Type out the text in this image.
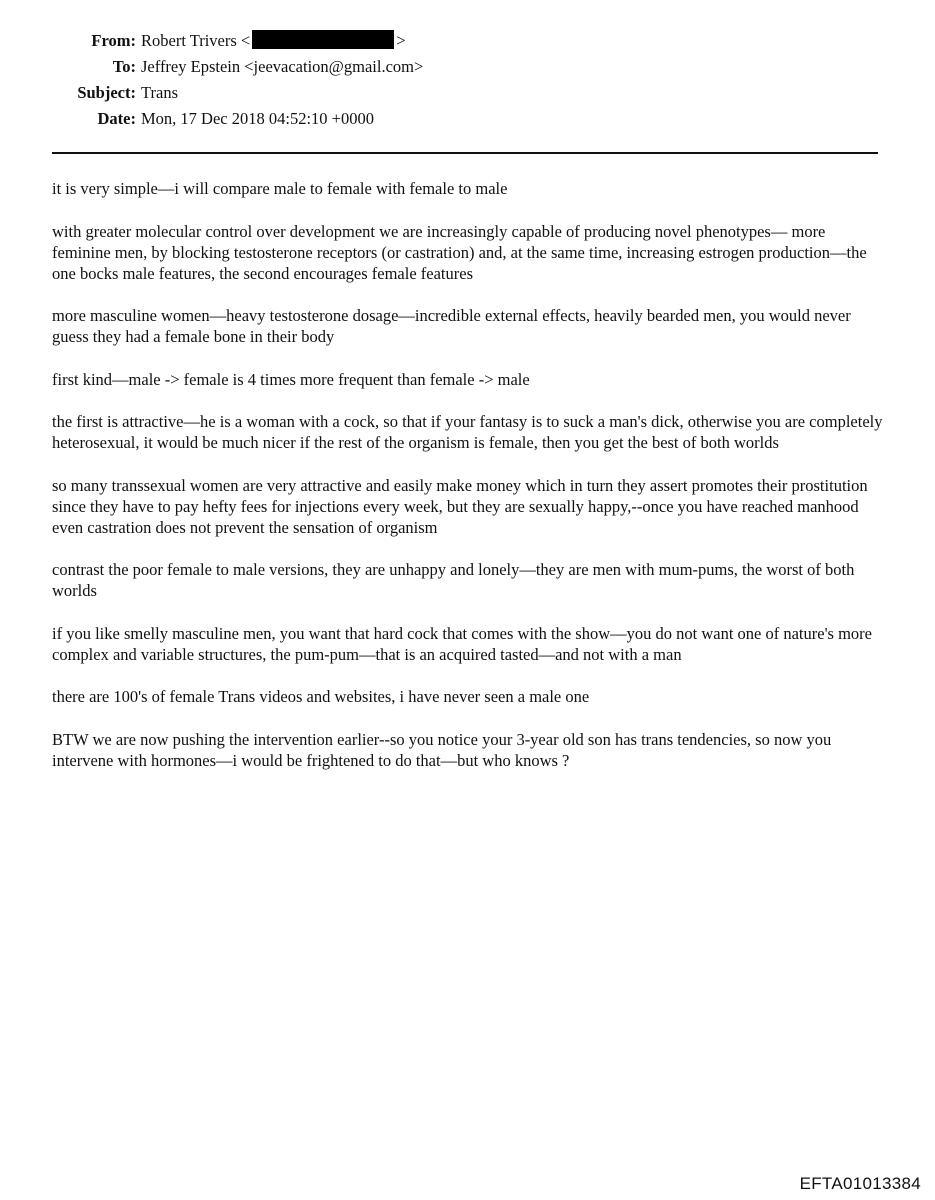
From: Robert Trivers <	>
To: Jeffrey Epstein <jeevacation@gmail.com>
Subject: Trans
Date: Mon, 17 Dec 2018 04:52:10 +0000

it is very simple—i will compare male to female with female to male

with greater molecular control over development we are increasingly capable of producing novel phenotypes— more feminine men, by blocking testosterone receptors (or castration) and, at the same time, increasing estrogen production—the one bocks male features, the second encourages female features

more masculine women—heavy testosterone dosage—incredible external effects, heavily bearded men, you would never guess they had a female bone in their body

first kind—male -> female is 4 times more frequent than female -> male

the first is attractive—he is a woman with a cock, so that if your fantasy is to suck a man's dick, otherwise you are completely heterosexual, it would be much nicer if the rest of the organism is female, then you get the best of both worlds

so many transsexual women are very attractive and easily make money which in turn they assert promotes their prostitution since they have to pay hefty fees for injections every week, but they are sexually happy,--once you have reached manhood even castration does not prevent the sensation of organism

contrast the poor female to male versions, they are unhappy and lonely—they are men with mum-pums, the worst of both worlds

if you like smelly masculine men, you want that hard cock that comes with the show—you do not want one of nature's more complex and variable structures, the pum-pum—that is an acquired tasted—and not with a man

there are 100's of female Trans videos and websites, i have never seen a male one

BTW we are now pushing the intervention earlier--so you notice your 3-year old son has trans tendencies, so now you intervene with hormones—i would be frightened to do that—but who knows ?

EFTA01013384
